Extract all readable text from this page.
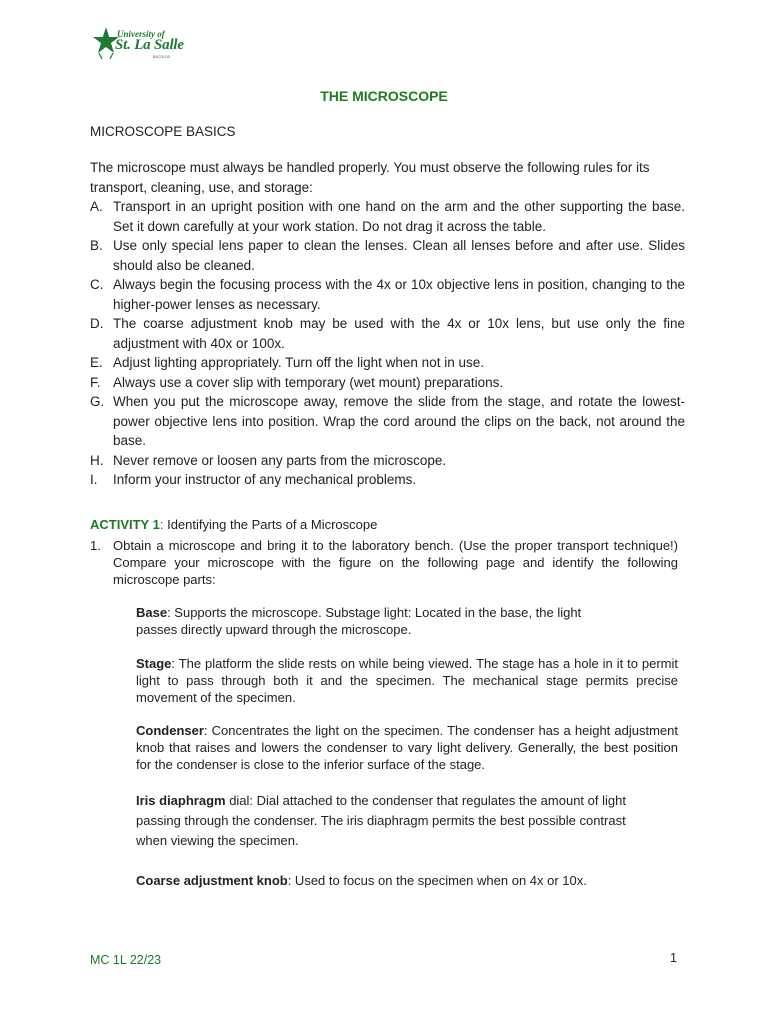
University of
St. La Salle
BACOLOD
THE MICROSCOPE
MICROSCOPE BASICS
The microscope must always be handled properly. You must observe the following rules for its transport, cleaning, use, and storage:
A. Transport in an upright position with one hand on the arm and the other supporting the base. Set it down carefully at your work station. Do not drag it across the table.
B. Use only special lens paper to clean the lenses. Clean all lenses before and after use. Slides should also be cleaned.
C. Always begin the focusing process with the 4x or 10x objective lens in position, changing to the higher-power lenses as necessary.
D. The coarse adjustment knob may be used with the 4x or 10x lens, but use only the fine adjustment with 40x or 100x.
E. Adjust lighting appropriately. Turn off the light when not in use.
F. Always use a cover slip with temporary (wet mount) preparations.
G. When you put the microscope away, remove the slide from the stage, and rotate the lowest-power objective lens into position. Wrap the cord around the clips on the back, not around the base.
H. Never remove or loosen any parts from the microscope.
I. Inform your instructor of any mechanical problems.
ACTIVITY 1: Identifying the Parts of a Microscope
1. Obtain a microscope and bring it to the laboratory bench. (Use the proper transport technique!) Compare your microscope with the figure on the following page and identify the following microscope parts:
Base: Supports the microscope. Substage light: Located in the base, the light
passes directly upward through the microscope.
Stage: The platform the slide rests on while being viewed. The stage has a hole in it to permit light to pass through both it and the specimen. The mechanical stage permits precise movement of the specimen.
Condenser: Concentrates the light on the specimen. The condenser has a height adjustment knob that raises and lowers the condenser to vary light delivery. Generally, the best position for the condenser is close to the inferior surface of the stage.
Iris diaphragm dial: Dial attached to the condenser that regulates the amount of light
passing through the condenser. The iris diaphragm permits the best possible contrast
when viewing the specimen.
Coarse adjustment knob: Used to focus on the specimen when on 4x or 10x.
MC 1L 22/23	1
